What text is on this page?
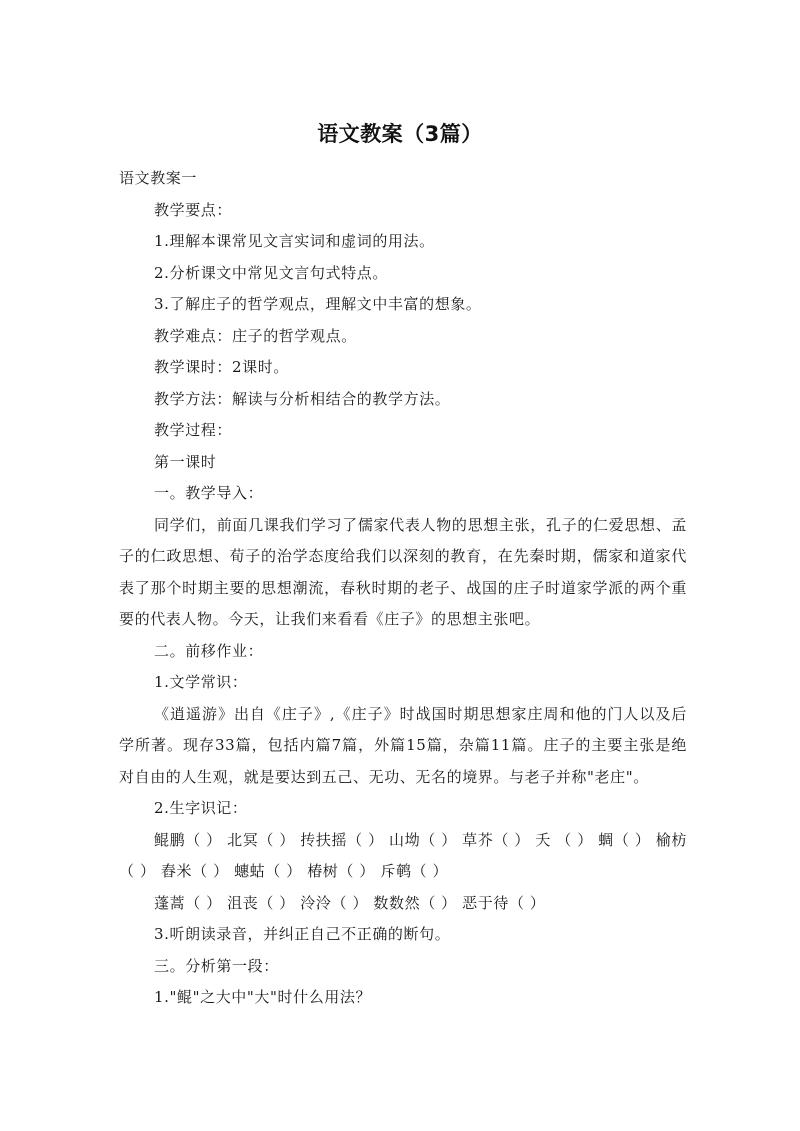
语文教案（3篇）

语文教案一

教学要点：

1.理解本课常见文言实词和虚词的用法。

2.分析课文中常见文言句式特点。

3.了解庄子的哲学观点，理解文中丰富的想象。

教学难点：庄子的哲学观点。

教学课时：2课时。

教学方法：解读与分析相结合的教学方法。

教学过程：

第一课时

一。教学导入：

同学们，前面几课我们学习了儒家代表人物的思想主张，孔子的仁爱思想、孟子的仁政思想、荀子的治学态度给我们以深刻的教育，在先秦时期，儒家和道家代表了那个时期主要的思想潮流，春秋时期的老子、战国的庄子时道家学派的两个重要的代表人物。今天，让我们来看看《庄子》的思想主张吧。

二。前移作业：

1.文学常识：

《逍遥游》出自《庄子》,《庄子》时战国时期思想家庄周和他的门人以及后学所著。现存33篇，包括内篇7篇，外篇15篇，杂篇11篇。庄子的主要主张是绝对自由的人生观，就是要达到五己、无功、无名的境界。与老子并称"老庄"。

2.生字识记：

鲲鹏（ ） 北冥（ ） 抟扶摇（ ） 山坳（ ） 草芥（ ） 夭 （ ） 蜩（ ） 榆枋（ ） 舂米（ ） 蟪蛄（ ） 椿树（ ） 斥鹌（ ）

蓬蒿（ ） 沮丧（ ） 泠泠（ ） 数数然（ ） 恶于待（ ）

3.听朗读录音，并纠正自己不正确的断句。

三。分析第一段：

1."鲲"之大中"大"时什么用法？
